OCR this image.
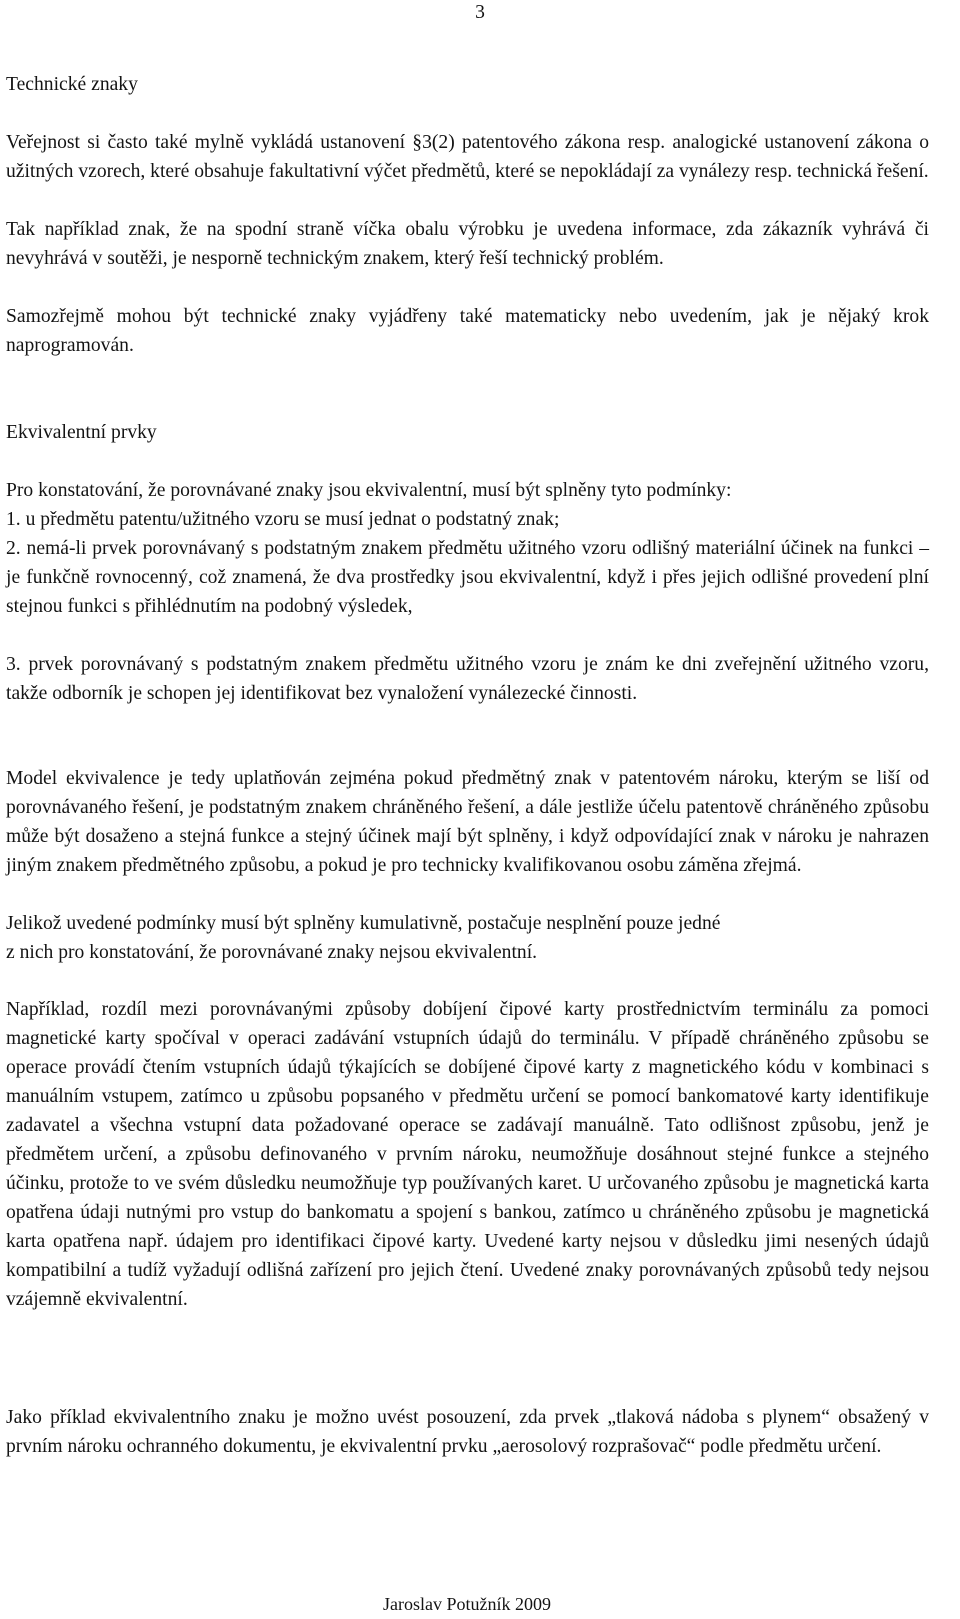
3
Technické znaky

Veřejnost si často také mylně vykládá ustanovení §3(2) patentového zákona resp. analogické ustanovení zákona o užitných vzorech, které obsahuje fakultativní výčet předmětů, které se nepokládají za vynálezy resp. technická řešení.

Tak například znak, že na spodní straně víčka obalu výrobku je uvedena informace, zda zákazník vyhrává či nevyhrává v soutěži, je nesporně technickým znakem, který řeší technický problém.

Samozřejmě mohou být technické znaky vyjádřeny také matematicky nebo uvedením, jak je nějaký krok naprogramován.

Ekvivalentní prvky

Pro konstatování, že porovnávané znaky jsou ekvivalentní, musí být splněny tyto podmínky:

1. u předmětu patentu/užitného vzoru se musí jednat o podstatný znak;

2. nemá-li prvek porovnávaný s podstatným znakem předmětu užitného vzoru odlišný materiální účinek na funkci – je funkčně rovnocenný, což znamená, že dva prostředky jsou ekvivalentní, když i přes jejich odlišné provedení plní stejnou funkci s přihlédnutím na podobný výsledek,

3. prvek porovnávaný s podstatným znakem předmětu užitného vzoru je znám ke dni zveřejnění užitného vzoru, takže odborník je schopen jej identifikovat bez vynaložení vynálezecké činnosti.

Model ekvivalence je tedy uplatňován zejména pokud předmětný znak v patentovém nároku, kterým se liší od porovnávaného řešení, je podstatným znakem chráněného řešení, a dále jestliže účelu patentově chráněného způsobu může být dosaženo a stejná funkce a stejný účinek mají být splněny, i když odpovídající znak v nároku je nahrazen jiným znakem předmětného způsobu, a pokud je pro technicky kvalifikovanou osobu záměna zřejmá.

Jelikož uvedené podmínky musí být splněny kumulativně, postačuje nesplnění pouze jedné
z nich pro konstatování, že porovnávané znaky nejsou ekvivalentní.

Například, rozdíl mezi porovnávanými způsoby dobíjení čipové karty prostřednictvím terminálu za pomoci magnetické karty spočíval v operaci zadávání vstupních údajů do terminálu. V případě chráněného způsobu se operace provádí čtením vstupních údajů týkajících se dobíjené čipové karty z magnetického kódu v kombinaci s manuálním vstupem, zatímco u způsobu popsaného v předmětu určení se pomocí bankomatové karty identifikuje zadavatel a všechna vstupní data požadované operace se zadávají manuálně. Tato odlišnost způsobu, jenž je předmětem určení, a způsobu definovaného v prvním nároku, neumožňuje dosáhnout stejné funkce a stejného účinku, protože to ve svém důsledku neumožňuje typ používaných karet. U určovaného způsobu je magnetická karta opatřena údaji nutnými pro vstup do bankomatu a spojení s bankou, zatímco u chráněného způsobu je magnetická karta opatřena např. údajem pro identifikaci čipové karty. Uvedené karty nejsou v důsledku jimi nesených údajů kompatibilní a tudíž vyžadují odlišná zařízení pro jejich čtení. Uvedené znaky porovnávaných způsobů tedy nejsou vzájemně ekvivalentní.

Jako příklad ekvivalentního znaku je možno uvést posouzení, zda prvek „tlaková nádoba s plynem“ obsažený v prvním nároku ochranného dokumentu, je ekvivalentní prvku „aerosolový rozprašovač“ podle předmětu určení.

Jaroslav Potužník 2009
